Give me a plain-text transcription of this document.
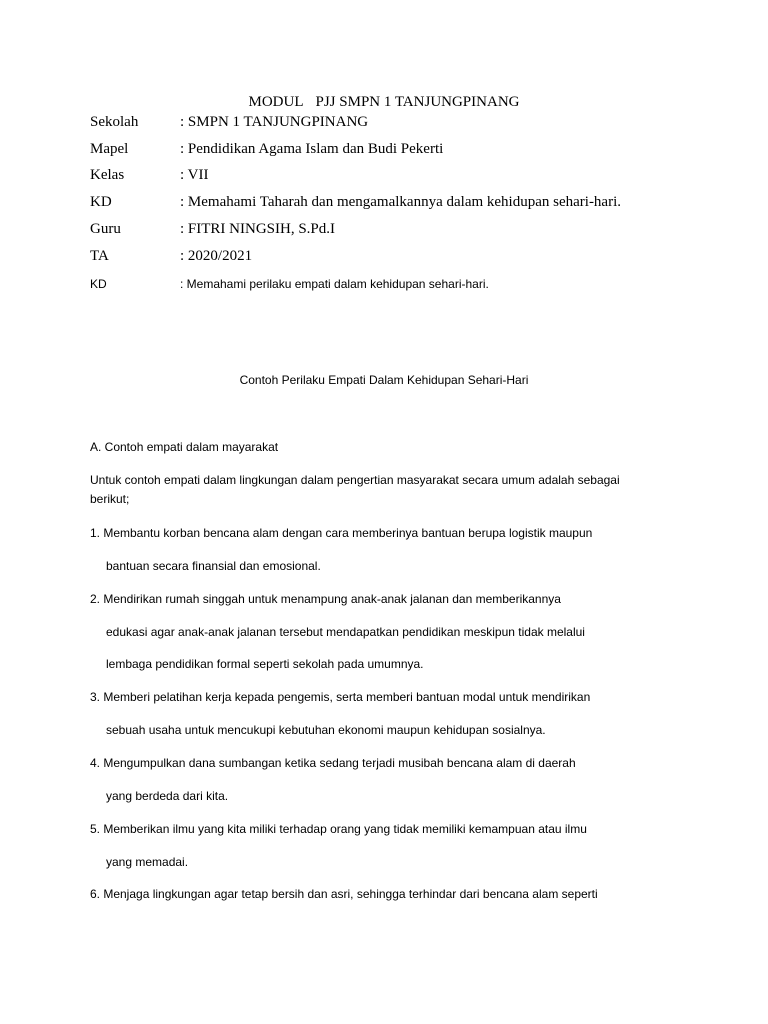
MODUL PJJ SMPN 1 TANJUNGPINANG
Sekolah	: SMPN 1 TANJUNGPINANG
Mapel	: Pendidikan Agama Islam dan Budi Pekerti
Kelas	: VII
KD	: Memahami Taharah dan mengamalkannya dalam kehidupan sehari-hari.
Guru	: FITRI NINGSIH, S.Pd.I
TA	: 2020/2021
KD	: Memahami perilaku empati dalam kehidupan sehari-hari.
Contoh Perilaku Empati Dalam Kehidupan Sehari-Hari
A. Contoh empati dalam mayarakat
Untuk contoh empati dalam lingkungan dalam pengertian masyarakat secara umum adalah sebagai
berikut;
1. Membantu korban bencana alam dengan cara memberinya bantuan berupa logistik maupun
bantuan secara finansial dan emosional.
2. Mendirikan rumah singgah untuk menampung anak-anak jalanan dan memberikannya
edukasi agar anak-anak jalanan tersebut mendapatkan pendidikan meskipun tidak melalui
lembaga pendidikan formal seperti sekolah pada umumnya.
3. Memberi pelatihan kerja kepada pengemis, serta memberi bantuan modal untuk mendirikan
sebuah usaha untuk mencukupi kebutuhan ekonomi maupun kehidupan sosialnya.
4. Mengumpulkan dana sumbangan ketika sedang terjadi musibah bencana alam di daerah
yang berdeda dari kita.
5. Memberikan ilmu yang kita miliki terhadap orang yang tidak memiliki kemampuan atau ilmu
yang memadai.
6. Menjaga lingkungan agar tetap bersih dan asri, sehingga terhindar dari bencana alam seperti
